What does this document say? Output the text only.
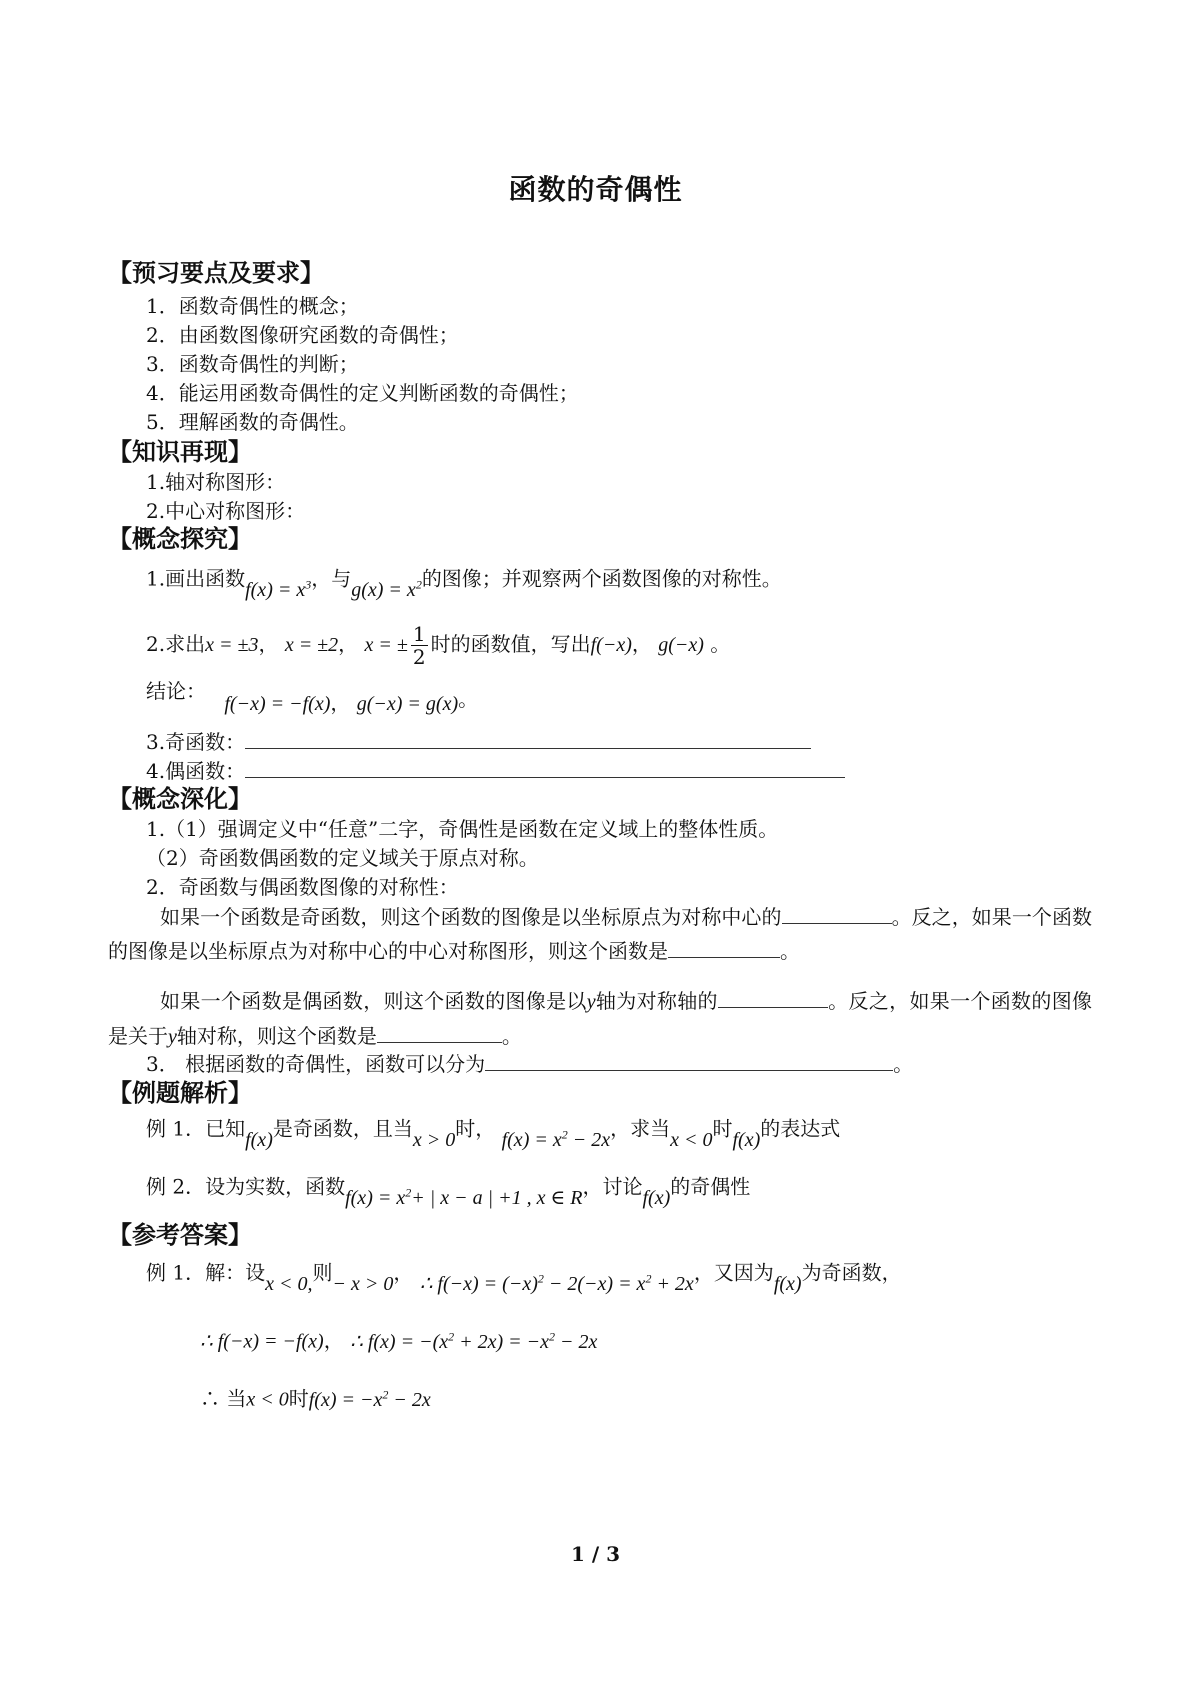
函数的奇偶性
【预习要点及要求】
1．函数奇偶性的概念；
2．由函数图像研究函数的奇偶性；
3．函数奇偶性的判断；
4．能运用函数奇偶性的定义判断函数的奇偶性；
5．理解函数的奇偶性。
【知识再现】
1.轴对称图形：
2.中心对称图形：
【概念探究】
1.画出函数$f(x) = x^3$，与$g(x) = x^2$的图像；并观察两个函数图像的对称性。
2.求出x = ±3， x = ±2， x = ± $\frac{1}{2}$ 时的函数值，写出f(−x)， g(−x) 。
结论： f(−x) = −f(x)， g(−x) = g(x)。
3.奇函数：
4.偶函数：
【概念深化】
1.（1）强调定义中“任意”二字，奇偶性是函数在定义域上的整体性质。
（2）奇函数偶函数的定义域关于原点对称。
2．奇函数与偶函数图像的对称性：
如果一个函数是奇函数，则这个函数的图像是以坐标原点为对称中心的	。反之，如果一个函数的图像是以坐标原点为对称中心的中心对称图形，则这个函数是	。
如果一个函数是偶函数，则这个函数的图像是以y轴为对称轴的	。反之，如果一个函数的图像是关于y轴对称，则这个函数是	。
3． 根据函数的奇偶性，函数可以分为	。
【例题解析】
例 1．已知f(x)是奇函数，且当x > 0时， $f(x) = x^2 - 2x$，求当x < 0时f(x)的表达式
例 2．设为实数，函数$f(x) = x^2+$ | x − a | +1 , x ∈ R，讨论f(x)的奇偶性
【参考答案】
例 1．解：设x < 0,则− x > 0， ∴ $f(-x) = (-x)^2 - 2(-x) = x^2 + 2x$，又因为f(x)为奇函数，
∴ f(−x) = −f(x)， ∴ $f(x) = -(x^2 + 2x) = -x^2 - 2x$
∴ 当x < 0时$f(x) = -x^2 - 2x$
1 / 3
